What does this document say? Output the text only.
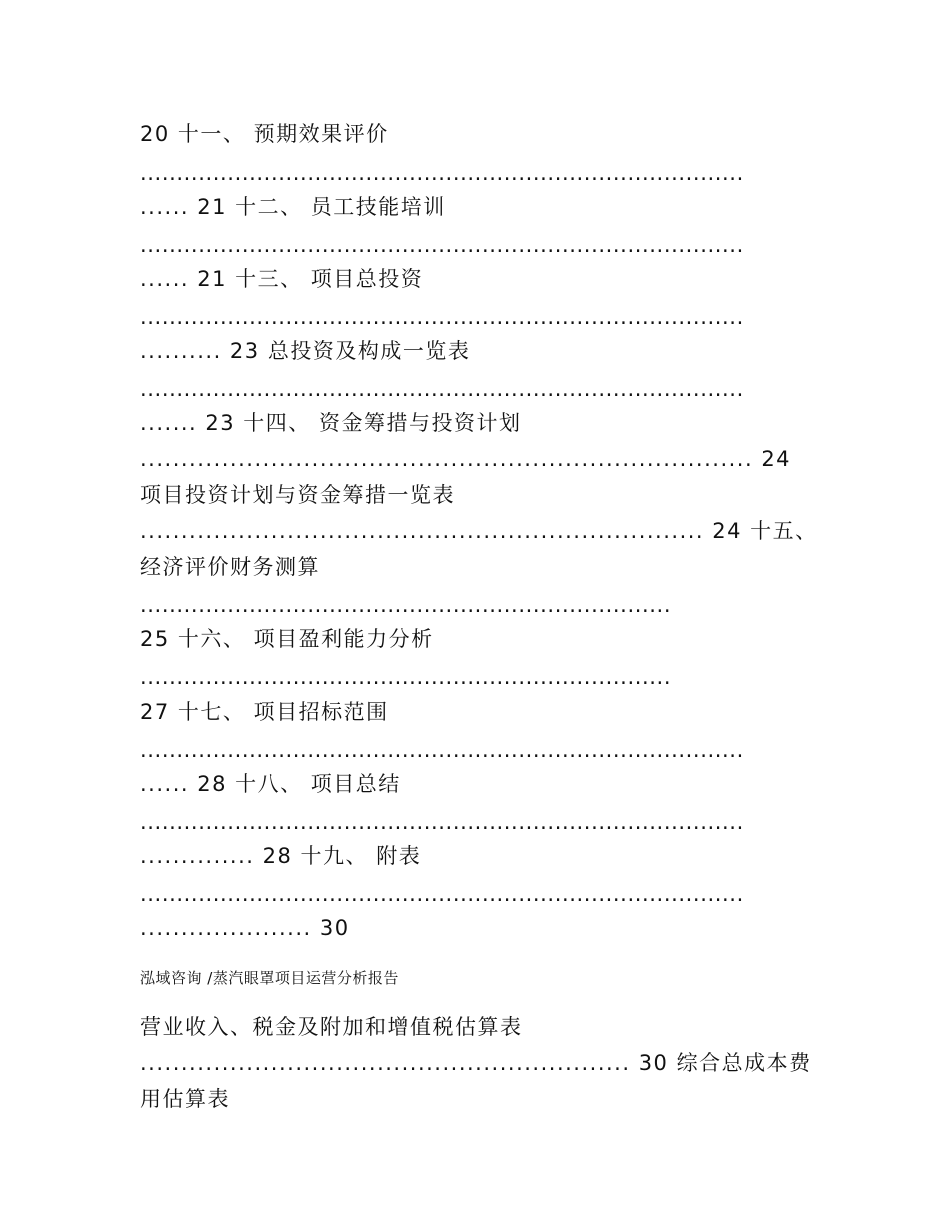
20 十一、 预期效果评价
...................................................................................
...... 21 十二、 员工技能培训
...................................................................................
...... 21 十三、 项目总投资
...................................................................................
.......... 23 总投资及构成一览表
...................................................................................
....... 23 十四、 资金筹措与投资计划
........................................................................... 24
项目投资计划与资金筹措一览表
..................................................................... 24 十五、
经济评价财务测算
.........................................................................
25 十六、 项目盈利能力分析
.........................................................................
27 十七、 项目招标范围
...................................................................................
...... 28 十八、 项目总结
...................................................................................
.............. 28 十九、 附表
...................................................................................
..................... 30
泓域咨询 /蒸汽眼罩项目运营分析报告
营业收入、税金及附加和增值税估算表
............................................................ 30 综合总成本费
用估算表
